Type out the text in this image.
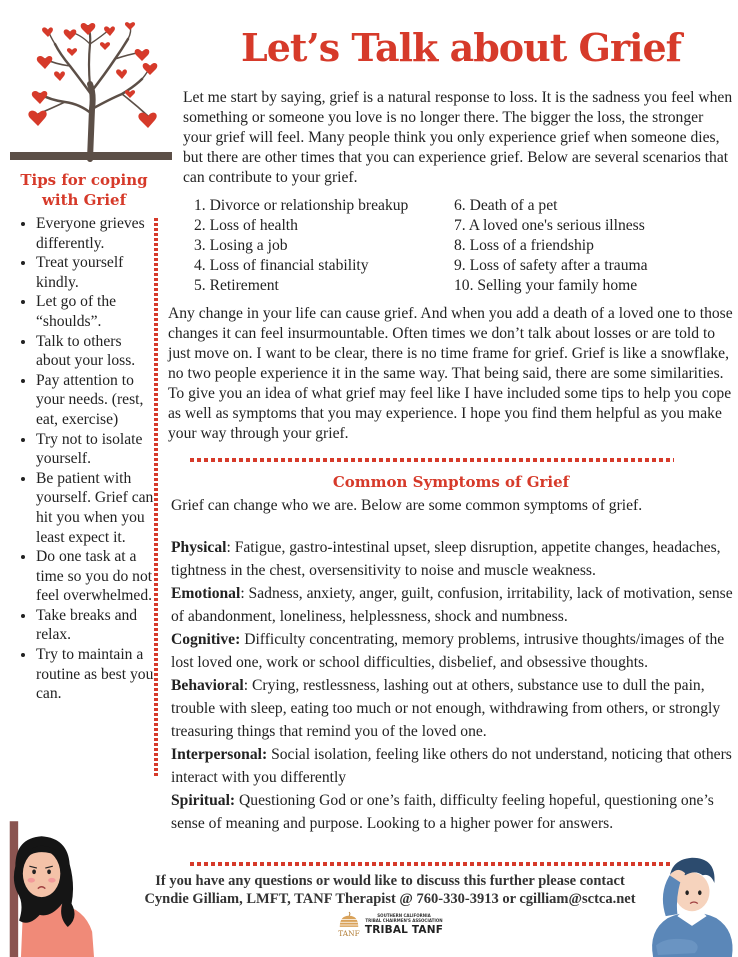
Tips for coping with Grief
• Everyone grieves differently.
• Treat yourself kindly.
• Let go of the “shoulds”.
• Talk to others about your loss.
• Pay attention to your needs. (rest, eat, exercise)
• Try not to isolate yourself.
• Be patient with yourself. Grief can hit you when you least expect it.
• Do one task at a time so you do not feel overwhelmed.
• Take breaks and relax.
• Try to maintain a routine as best you can.
Let’s Talk about Grief

Let me start by saying, grief is a natural response to loss. It is the sadness you feel when something or someone you love is no longer there. The bigger the loss, the stronger your grief will feel. Many people think you only experience grief when someone dies, but there are other times that you can experience grief. Below are several scenarios that can contribute to your grief.

1. Divorce or relationship breakup
2. Loss of health
3. Losing a job
4. Loss of financial stability
5. Retirement
6. Death of a pet
7. A loved one's serious illness
8. Loss of a friendship
9. Loss of safety after a trauma
10. Selling your family home

Any change in your life can cause grief. And when you add a death of a loved one to those changes it can feel insurmountable. Often times we don’t talk about losses or are told to just move on. I want to be clear, there is no time frame for grief. Grief is like a snowflake, no two people experience it in the same way. That being said, there are some similarities. To give you an idea of what grief may feel like I have included some tips to help you cope as well as symptoms that you may experience. I hope you find them helpful as you make your way through your grief.

Common Symptoms of Grief

Grief can change who we are. Below are some common symptoms of grief.

Physical: Fatigue, gastro-intestinal upset, sleep disruption, appetite changes, headaches, tightness in the chest, oversensitivity to noise and muscle weakness.
Emotional: Sadness, anxiety, anger, guilt, confusion, irritability, lack of motivation, sense of abandonment, loneliness, helplessness, shock and numbness.
Cognitive: Difficulty concentrating, memory problems, intrusive thoughts/images of the lost loved one, work or school difficulties, disbelief, and obsessive thoughts.
Behavioral: Crying, restlessness, lashing out at others, substance use to dull the pain, trouble with sleep, eating too much or not enough, withdrawing from others, or strongly treasuring things that remind you of the loved one.
Interpersonal: Social isolation, feeling like others do not understand, noticing that others interact with you differently
Spiritual: Questioning God or one’s faith, difficulty feeling hopeful, questioning one’s sense of meaning and purpose. Looking to a higher power for answers.
If you have any questions or would like to discuss this further please contact
Cyndie Gilliam, LMFT, TANF Therapist @ 760-330-3913 or cgilliam@sctca.net
TANF
SOUTHERN CALIFORNIA
TRIBAL CHAIRMEN'S ASSOCIATION
TRIBAL TANF
